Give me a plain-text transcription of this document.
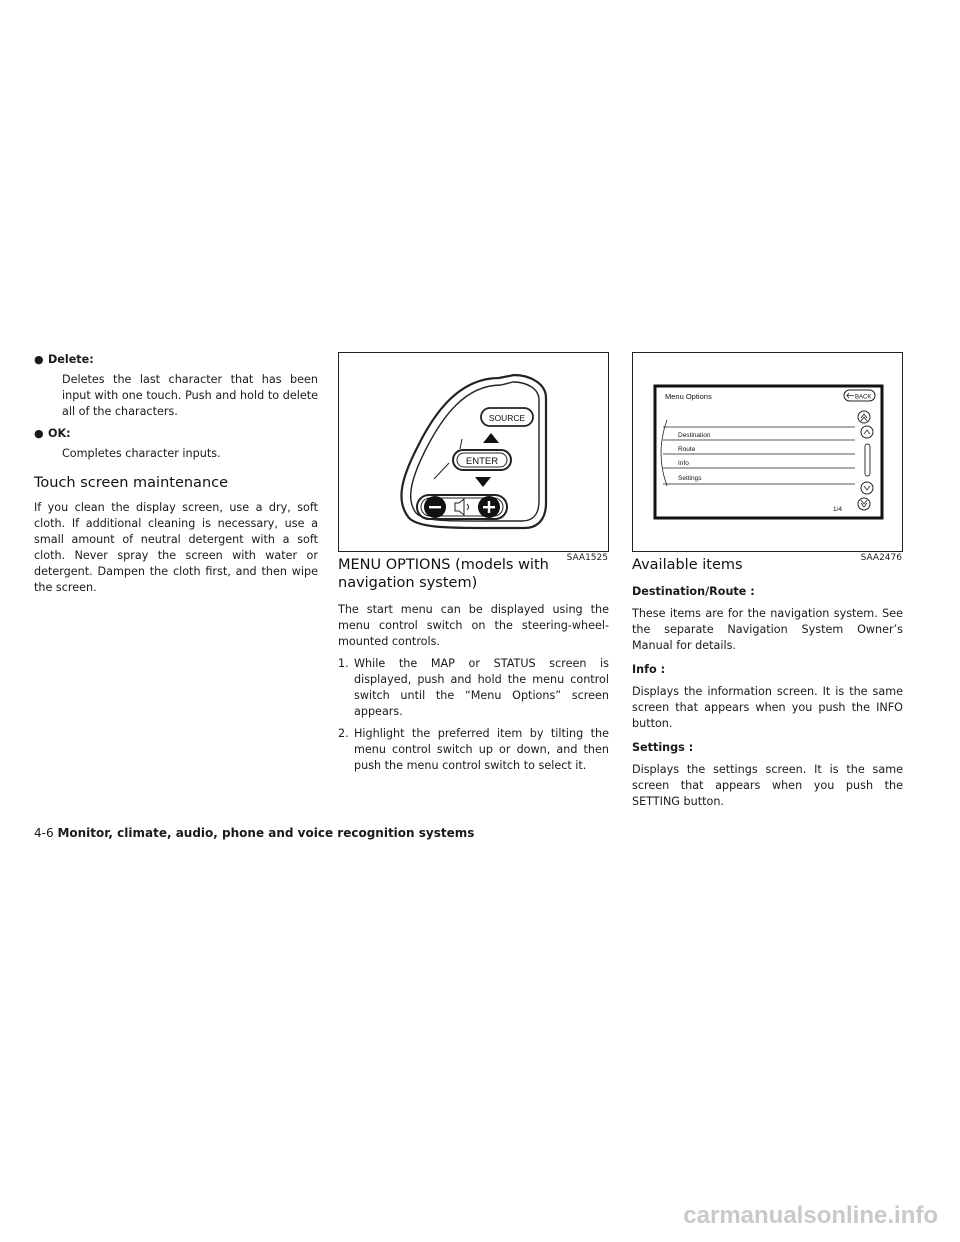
● Delete:

Deletes the last character that has been input with one touch. Push and hold to delete all of the characters.

● OK:

Completes character inputs.

Touch screen maintenance

If you clean the display screen, use a dry, soft cloth. If additional cleaning is necessary, use a small amount of neutral detergent with a soft cloth. Never spray the screen with water or detergent. Dampen the cloth first, and then wipe the screen.

SOURCE
ENTER
SAA1525
MENU OPTIONS (models with navigation system)

The start menu can be displayed using the menu control switch on the steering-wheel-mounted controls.

1. While the MAP or STATUS screen is displayed, push and hold the menu control switch until the “Menu Options” screen appears.
2. Highlight the preferred item by tilting the menu control switch up or down, and then push the menu control switch to select it.
Menu Options	BACK
Destination
Route
Info
Settings
1/4
SAA2476
Available items

Destination/Route :

These items are for the navigation system. See the separate Navigation System Owner’s Manual for details.

Info :

Displays the information screen. It is the same screen that appears when you push the INFO button.

Settings :

Displays the settings screen. It is the same screen that appears when you push the SETTING button.

4-6 Monitor, climate, audio, phone and voice recognition systems
carmanualsonline.info
